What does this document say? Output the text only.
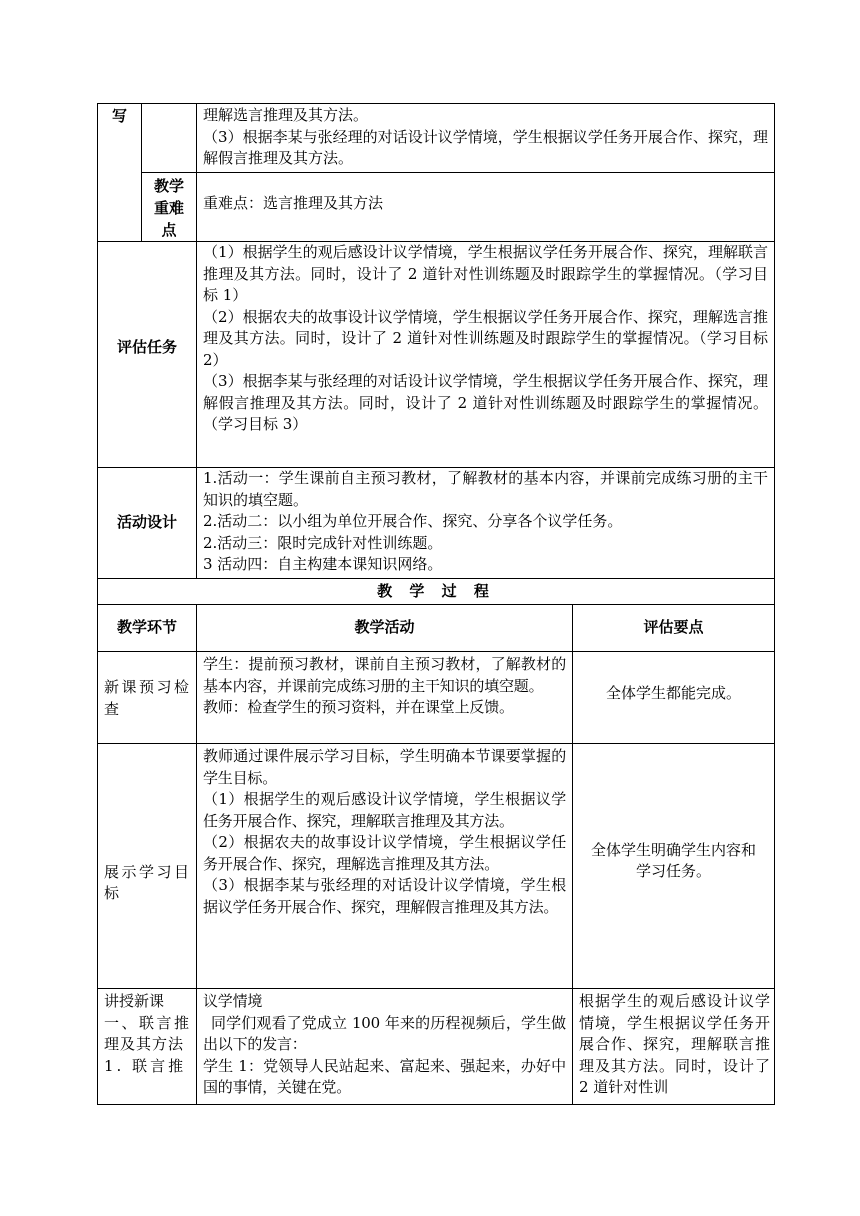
写		理解选言推理及其方法。
（3）根据李某与张经理的对话设计议学情境，学生根据议学任务开展合作、探究，理解假言推理及其方法。

	教学重难点	重难点：选言推理及其方法

评估任务		（1）根据学生的观后感设计议学情境，学生根据议学任务开展合作、探究，理解联言推理及其方法。同时，设计了 2 道针对性训练题及时跟踪学生的掌握情况。（学习目标 1）
（2）根据农夫的故事设计议学情境，学生根据议学任务开展合作、探究，理解选言推理及其方法。同时，设计了 2 道针对性训练题及时跟踪学生的掌握情况。（学习目标 2）
（3）根据李某与张经理的对话设计议学情境，学生根据议学任务开展合作、探究，理解假言推理及其方法。同时，设计了 2 道针对性训练题及时跟踪学生的掌握情况。（学习目标 3）

活动设计		1.活动一：学生课前自主预习教材，了解教材的基本内容，并课前完成练习册的主干知识的填空题。
2.活动二：以小组为单位开展合作、探究、分享各个议学任务。
2.活动三：限时完成针对性训练题。
3 活动四：自主构建本课知识网络。
教 学 过 程		
教学环节	教学活动	评估要点

新课预习检查	学生：提前预习教材，课前自主预习教材，了解教材的基本内容，并课前完成练习册的主干知识的填空题。
教师：检查学生的预习资料，并在课堂上反馈。	全体学生都能完成。

展示学习目标	教师通过课件展示学习目标，学生明确本节课要掌握的学生目标。
（1）根据学生的观后感设计议学情境，学生根据议学任务开展合作、探究，理解联言推理及其方法。
（2）根据农夫的故事设计议学情境，学生根据议学任务开展合作、探究，理解选言推理及其方法。
（3）根据李某与张经理的对话设计议学情境，学生根据议学任务开展合作、探究，理解假言推理及其方法。	全体学生明确学生内容和学习任务。

讲授新课
一、联言推理及其方法
1. 联言推	议学情境
同学们观看了党成立 100 年来的历程视频后，学生做出以下的发言：
学生 1：党领导人民站起来、富起来、强起来，办好中国的事情，关键在党。	根据学生的观后感设计议学情境，学生根据议学任务开展合作、探究，理解联言推理及其方法。同时，设计了 2 道针对性训
